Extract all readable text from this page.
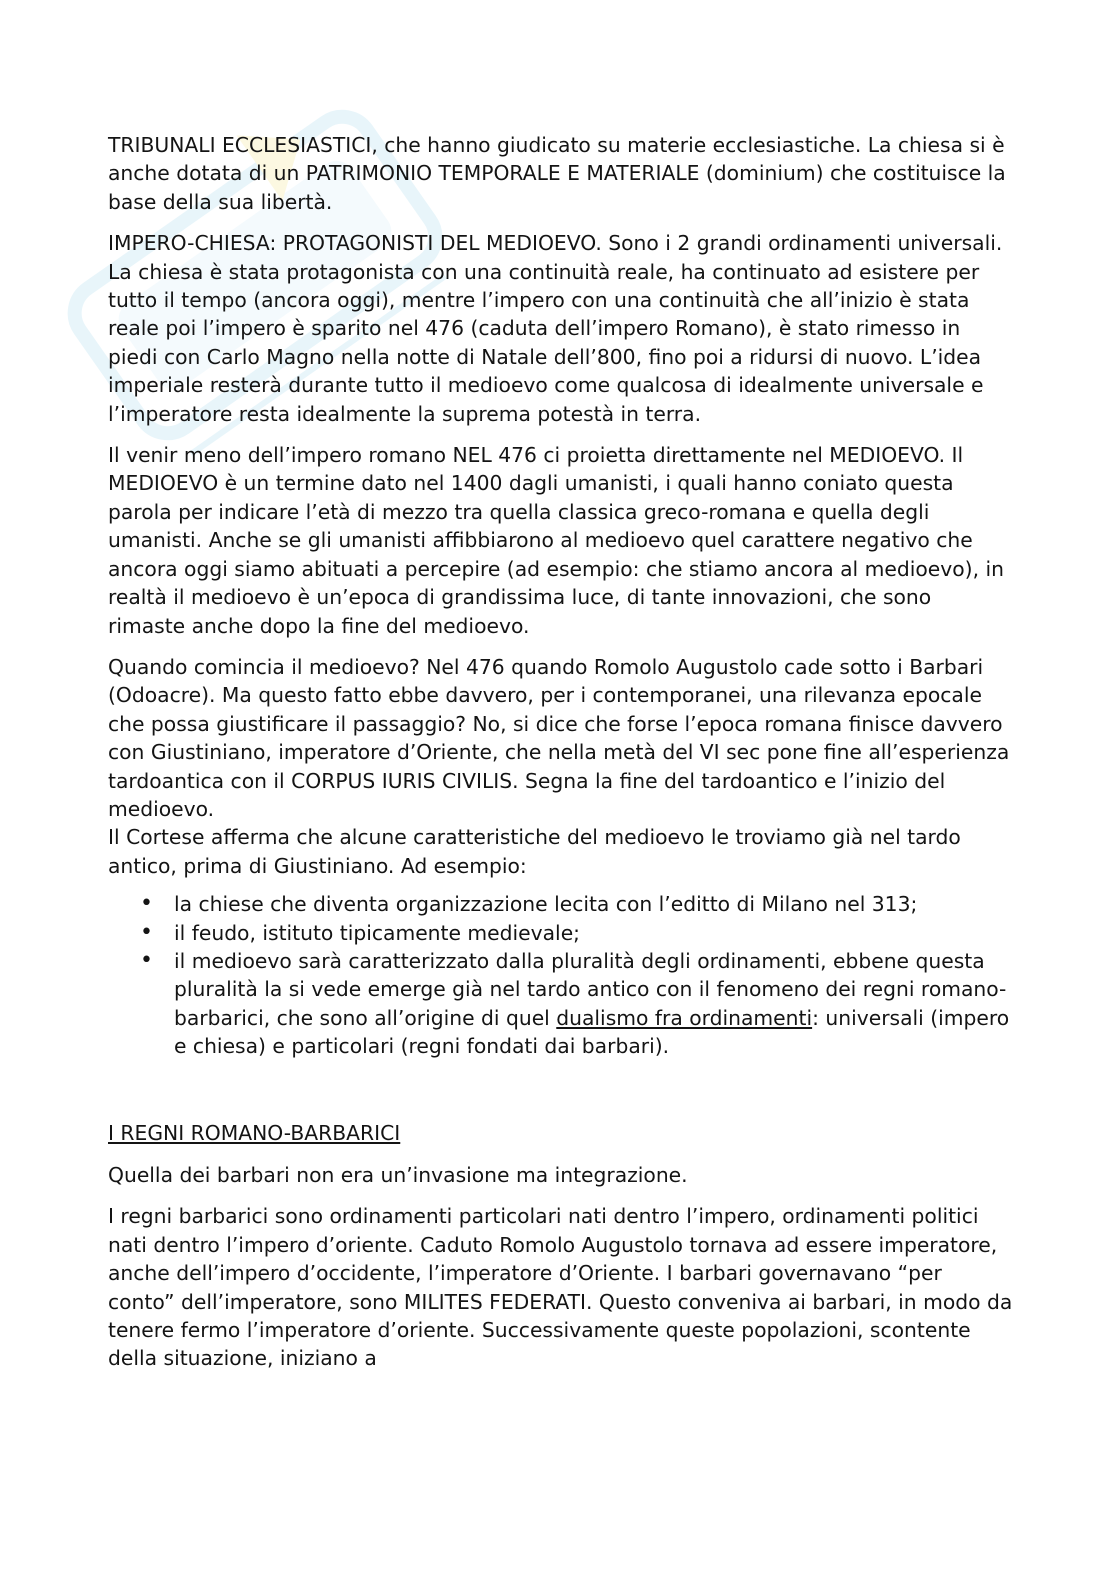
TRIBUNALI ECCLESIASTICI, che hanno giudicato su materie ecclesiastiche. La chiesa si è anche dotata di un PATRIMONIO TEMPORALE E MATERIALE (dominium) che costituisce la base della sua libertà.

IMPERO-CHIESA: PROTAGONISTI DEL MEDIOEVO. Sono i 2 grandi ordinamenti universali. La chiesa è stata protagonista con una continuità reale, ha continuato ad esistere per tutto il tempo (ancora oggi), mentre l’impero con una continuità che all’inizio è stata reale poi l’impero è sparito nel 476 (caduta dell’impero Romano), è stato rimesso in piedi con Carlo Magno nella notte di Natale dell’800, fino poi a ridursi di nuovo. L’idea imperiale resterà durante tutto il medioevo come qualcosa di idealmente universale e l’imperatore resta idealmente la suprema potestà in terra.

Il venir meno dell’impero romano NEL 476 ci proietta direttamente nel MEDIOEVO. Il MEDIOEVO è un termine dato nel 1400 dagli umanisti, i quali hanno coniato questa parola per indicare l’età di mezzo tra quella classica greco-romana e quella degli umanisti. Anche se gli umanisti affibbiarono al medioevo quel carattere negativo che ancora oggi siamo abituati a percepire (ad esempio: che stiamo ancora al medioevo), in realtà il medioevo è un’epoca di grandissima luce, di tante innovazioni, che sono rimaste anche dopo la fine del medioevo.

Quando comincia il medioevo? Nel 476 quando Romolo Augustolo cade sotto i Barbari (Odoacre). Ma questo fatto ebbe davvero, per i contemporanei, una rilevanza epocale che possa giustificare il passaggio? No, si dice che forse l’epoca romana finisce davvero con Giustiniano, imperatore d’Oriente, che nella metà del VI sec pone fine all’esperienza tardoantica con il CORPUS IURIS CIVILIS. Segna la fine del tardoantico e l’inizio del medioevo.

Il Cortese afferma che alcune caratteristiche del medioevo le troviamo già nel tardo antico, prima di Giustiniano. Ad esempio:

• la chiese che diventa organizzazione lecita con l’editto di Milano nel 313;
• il feudo, istituto tipicamente medievale;
• il medioevo sarà caratterizzato dalla pluralità degli ordinamenti, ebbene questa pluralità la si vede emerge già nel tardo antico con il fenomeno dei regni romano-barbarici, che sono all’origine di quel dualismo fra ordinamenti: universali (impero e chiesa) e particolari (regni fondati dai barbari).
I REGNI ROMANO-BARBARICI

Quella dei barbari non era un’invasione ma integrazione.

I regni barbarici sono ordinamenti particolari nati dentro l’impero, ordinamenti politici nati dentro l’impero d’oriente. Caduto Romolo Augustolo tornava ad essere imperatore, anche dell’impero d’occidente, l’imperatore d’Oriente. I barbari governavano “per conto” dell’imperatore, sono MILITES FEDERATI. Questo conveniva ai barbari, in modo da tenere fermo l’imperatore d’oriente. Successivamente queste popolazioni, scontente della situazione, iniziano a
